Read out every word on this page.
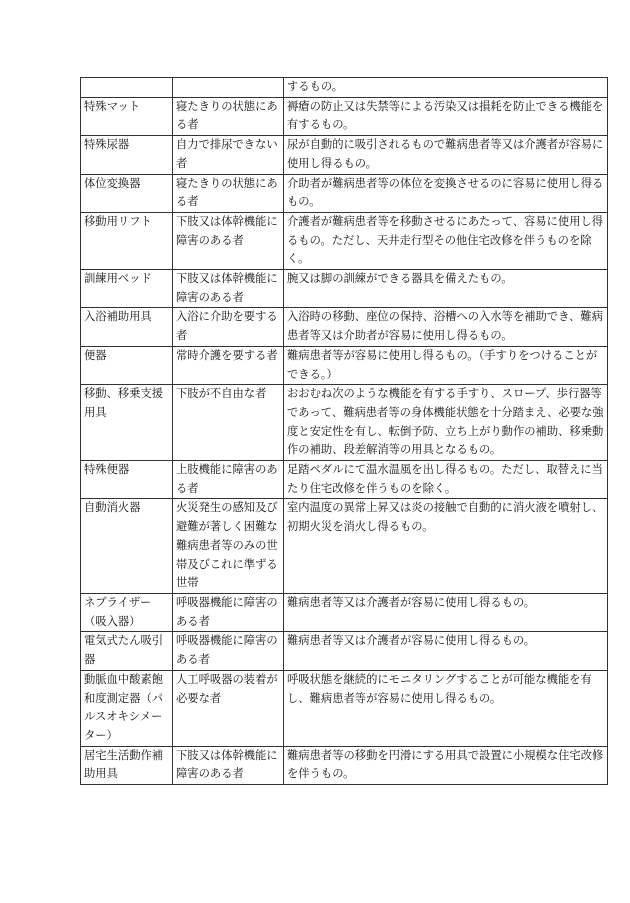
		するもの。
特殊マット	寝たきりの状態にある者	褥瘡の防止又は失禁等による汚染又は損耗を防止できる機能を有するもの。
特殊尿器	自力で排尿できない者	尿が自動的に吸引されるもので難病患者等又は介護者が容易に使用し得るもの。
体位変換器	寝たきりの状態にある者	介助者が難病患者等の体位を変換させるのに容易に使用し得るもの。
移動用リフト	下肢又は体幹機能に障害のある者	介護者が難病患者等を移動させるにあたって、容易に使用し得るもの。ただし、天井走行型その他住宅改修を伴うものを除く。
訓練用ベッド	下肢又は体幹機能に障害のある者	腕又は脚の訓練ができる器具を備えたもの。
入浴補助用具	入浴に介助を要する者	入浴時の移動、座位の保持、浴槽への入水等を補助でき、難病患者等又は介助者が容易に使用し得るもの。
便器	常時介護を要する者	難病患者等が容易に使用し得るもの。（手すりをつけることができる。）
移動、移乗支援用具	下肢が不自由な者	おおむね次のような機能を有する手すり、スロープ、歩行器等であって、難病患者等の身体機能状態を十分踏まえ、必要な強度と安定性を有し、転倒予防、立ち上がり動作の補助、移乗動作の補助、段差解消等の用具となるもの。
特殊便器	上肢機能に障害のある者	足踏ペダルにて温水温風を出し得るもの。ただし、取替えに当たり住宅改修を伴うものを除く。
自動消火器	火災発生の感知及び避難が著しく困難な難病患者等のみの世帯及びこれに準ずる世帯	室内温度の異常上昇又は炎の接触で自動的に消火液を噴射し、初期火災を消火し得るもの。
ネブライザー（吸入器）	呼吸器機能に障害のある者	難病患者等又は介護者が容易に使用し得るもの。
電気式たん吸引器	呼吸器機能に障害のある者	難病患者等又は介護者が容易に使用し得るもの。
動脈血中酸素飽和度測定器（パルスオキシメーター）	人工呼吸器の装着が必要な者	呼吸状態を継続的にモニタリングすることが可能な機能を有し、難病患者等が容易に使用し得るもの。
居宅生活動作補助用具	下肢又は体幹機能に障害のある者	難病患者等の移動を円滑にする用具で設置に小規模な住宅改修を伴うもの。
